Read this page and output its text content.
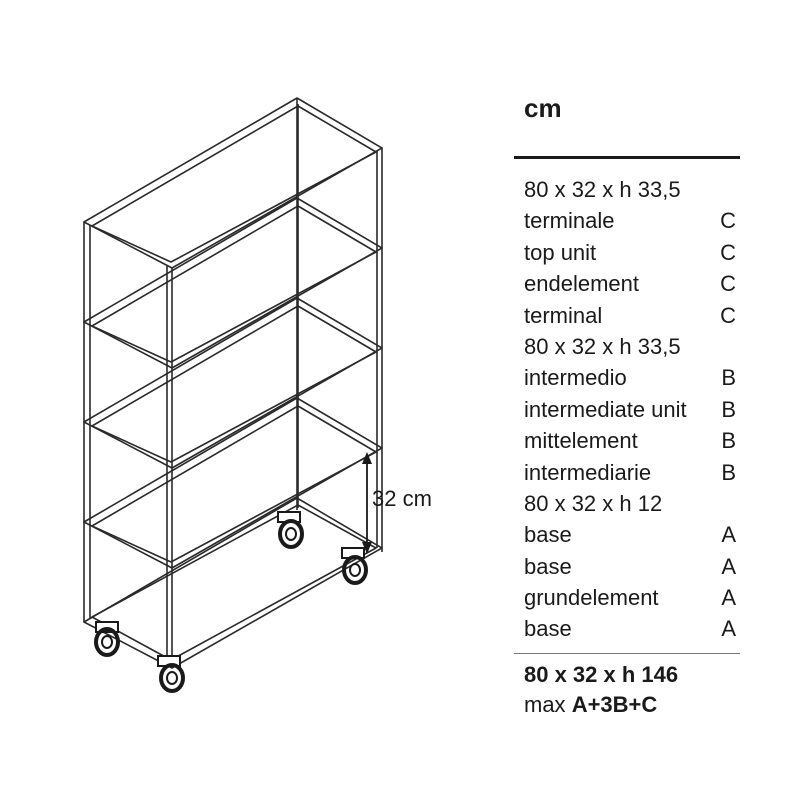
32 cm
cm
80 x 32 x h 33,5
terminale	C
top unit	C
endelement	C
terminal	C
80 x 32 x h 33,5
intermedio	B
intermediate unit B
mittelement	B
intermediarie	B
80 x 32 x h 12
base	A
base	A
grundelement	A
base	A
80 x 32 x h 146
max A+3B+C
